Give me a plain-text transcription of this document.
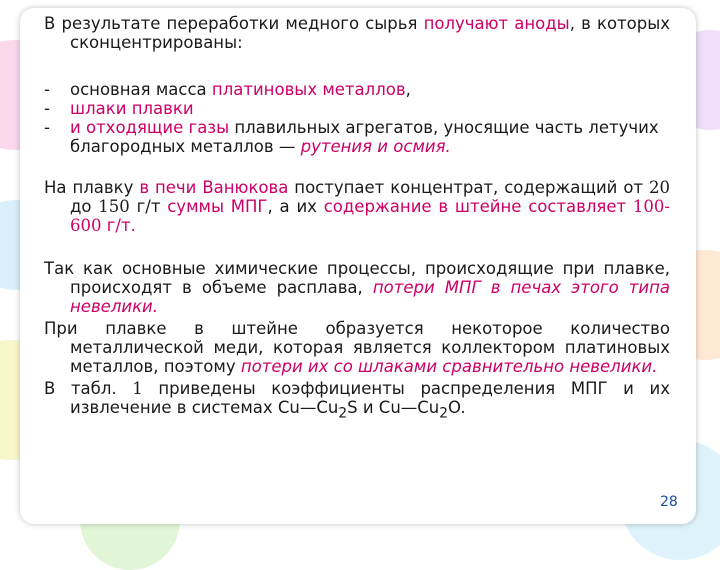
В результате переработки медного сырья получают аноды, в которых сконцентрированы:

-	основная масса платиновых металлов,
-	шлаки плавки
-	и отходящие газы плавильных агрегатов, уносящие часть летучих благородных металлов — рутения и осмия.

На плавку в печи Ванюкова поступает концентрат, содержащий от 20 до 150 г/т суммы МПГ, а их содержание в штейне составляет 100-600 г/т.

Так как основные химические процессы, происходящие при плавке, происходят в объеме расплава, потери МПГ в печах этого типа невелики.

При плавке в штейне образуется некоторое количество металлической меди, которая является коллектором платиновых металлов, поэтому потери их со шлаками сравнительно невелики.

В табл. 1 приведены коэффициенты распределения МПГ и их извлечение в системах $Cu—Cu_2S$ и $Cu—Cu_2O$.

28
